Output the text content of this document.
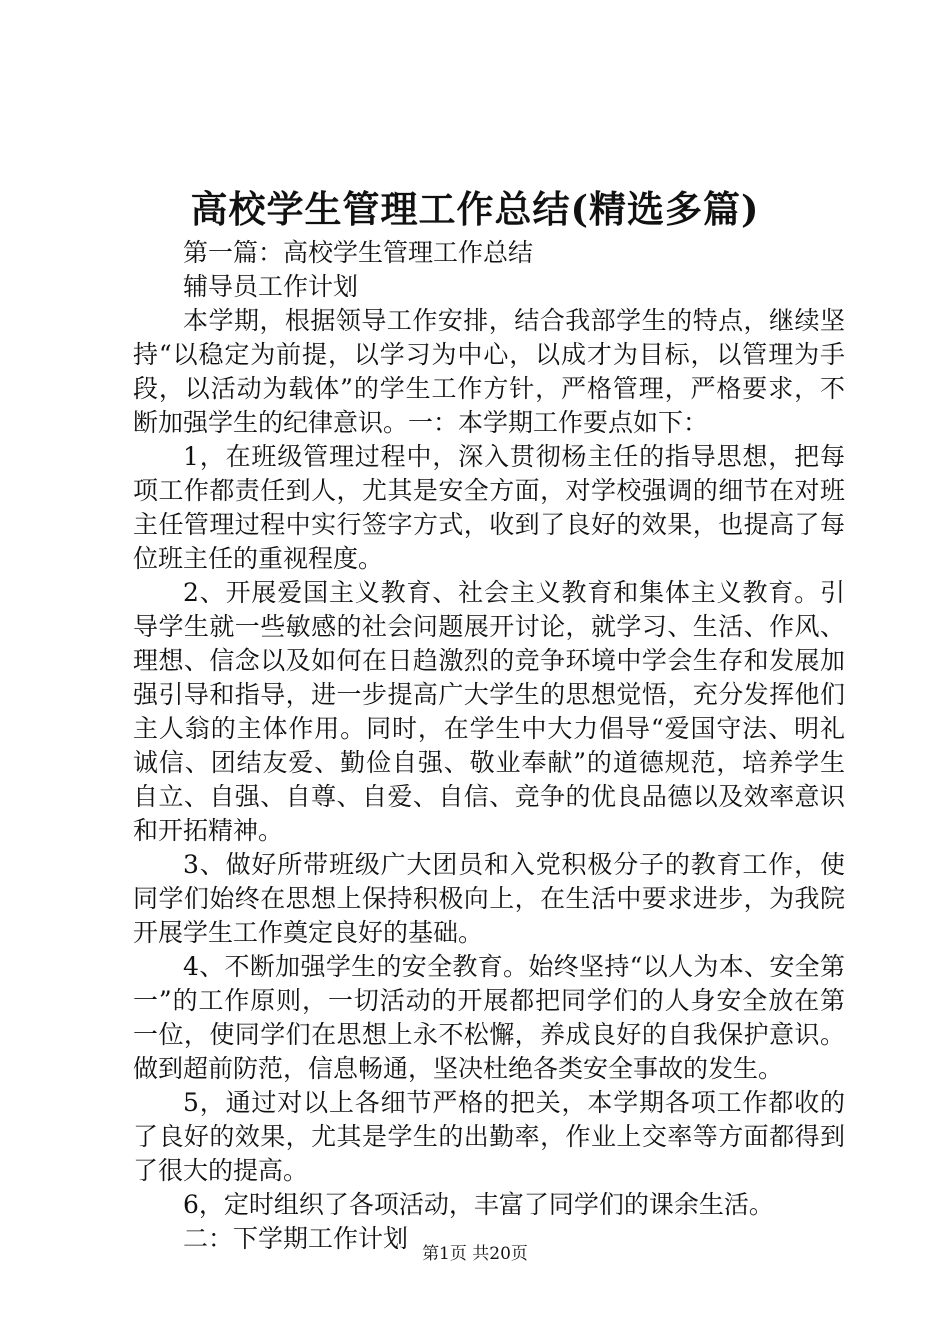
高校学生管理工作总结(精选多篇)

第一篇：高校学生管理工作总结

辅导员工作计划

本学期，根据领导工作安排，结合我部学生的特点，继续坚持“以稳定为前提，以学习为中心，以成才为目标，以管理为手段，以活动为载体”的学生工作方针，严格管理，严格要求，不断加强学生的纪律意识。一：本学期工作要点如下：

1，在班级管理过程中，深入贯彻杨主任的指导思想，把每项工作都责任到人，尤其是安全方面，对学校强调的细节在对班主任管理过程中实行签字方式，收到了良好的效果，也提高了每位班主任的重视程度。

2、开展爱国主义教育、社会主义教育和集体主义教育。引导学生就一些敏感的社会问题展开讨论，就学习、生活、作风、理想、信念以及如何在日趋激烈的竞争环境中学会生存和发展加强引导和指导，进一步提高广大学生的思想觉悟，充分发挥他们主人翁的主体作用。同时，在学生中大力倡导“爱国守法、明礼诚信、团结友爱、勤俭自强、敬业奉献”的道德规范，培养学生自立、自强、自尊、自爱、自信、竞争的优良品德以及效率意识和开拓精神。

3、做好所带班级广大团员和入党积极分子的教育工作，使同学们始终在思想上保持积极向上，在生活中要求进步，为我院开展学生工作奠定良好的基础。

4、不断加强学生的安全教育。始终坚持“以人为本、安全第一”的工作原则，一切活动的开展都把同学们的人身安全放在第一位，使同学们在思想上永不松懈，养成良好的自我保护意识。做到超前防范，信息畅通，坚决杜绝各类安全事故的发生。

5，通过对以上各细节严格的把关，本学期各项工作都收的了良好的效果，尤其是学生的出勤率，作业上交率等方面都得到了很大的提高。

6，定时组织了各项活动，丰富了同学们的课余生活。

二：下学期工作计划

第1页 共20页
